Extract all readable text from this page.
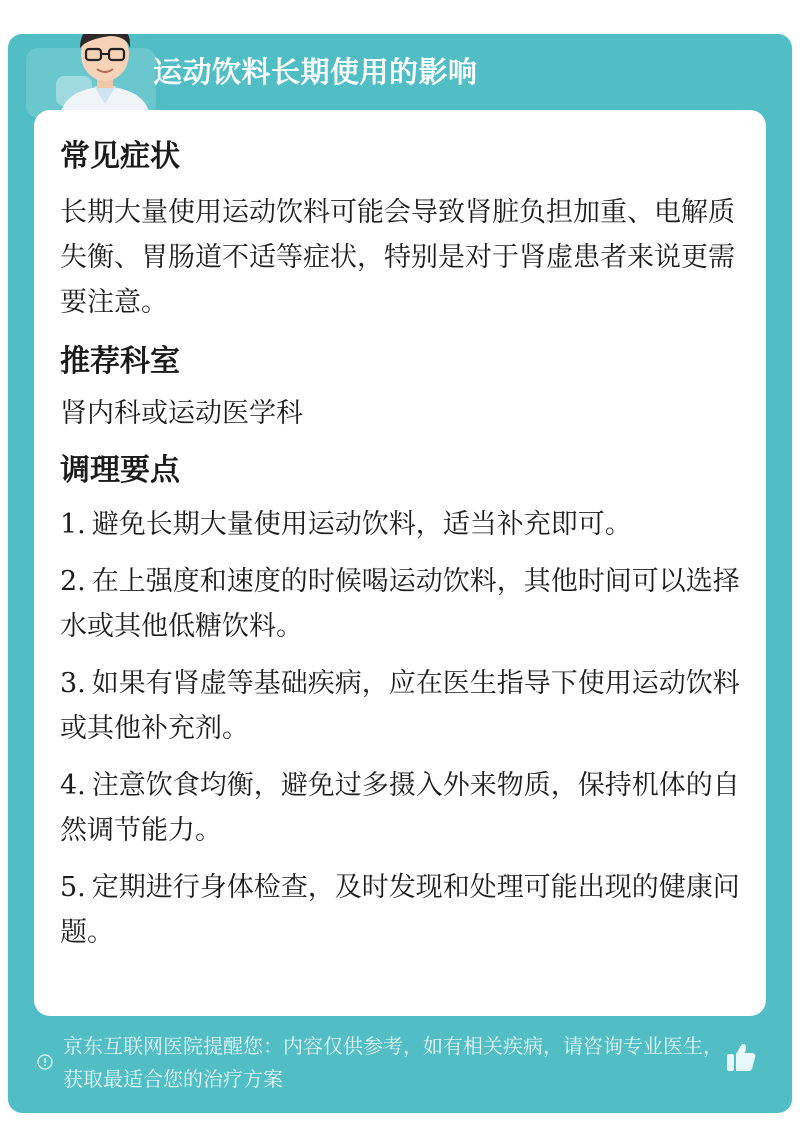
运动饮料长期使用的影响
常见症状

长期大量使用运动饮料可能会导致肾脏负担加重、电解质失衡、胃肠道不适等症状，特别是对于肾虚患者来说更需要注意。

推荐科室

肾内科或运动医学科

调理要点
1. 避免长期大量使用运动饮料，适当补充即可。
2. 在上强度和速度的时候喝运动饮料，其他时间可以选择水或其他低糖饮料。
3. 如果有肾虚等基础疾病，应在医生指导下使用运动饮料或其他补充剂。
4. 注意饮食均衡，避免过多摄入外来物质，保持机体的自然调节能力。
5. 定期进行身体检查，及时发现和处理可能出现的健康问题。
京东互联网医院提醒您：内容仅供参考，如有相关疾病，请咨询专业医生，获取最适合您的治疗方案
